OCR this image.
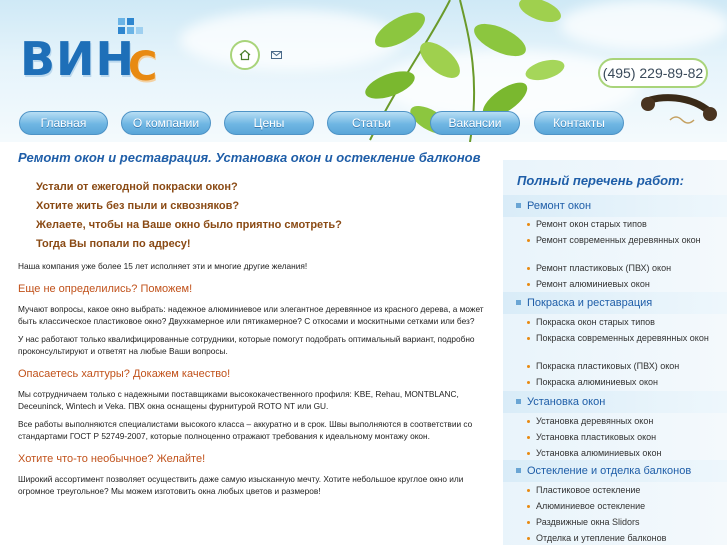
ВИН
С	(495) 229-89-82
Главная	О компании	Цены	Статьи	Вакансии	Контакты
Ремонт окон и реставрация. Установка окон и остекление балконов
Устали от ежегодной покраски окон?
Хотите жить без пыли и сквозняков?
Желаете, чтобы на Ваше окно было приятно смотреть?
Тогда Вы попали по адресу!
Наша компания уже более 15 лет исполняет эти и многие другие желания!
Еще не определились? Поможем!
Мучают вопросы, какое окно выбрать: надежное алюминиевое или элегантное деревянное из красного дерева, а может быть классическое пластиковое окно? Двухкамерное или пятикамерное? С откосами и москитными сетками или без?
У нас работают только квалифицированные сотрудники, которые помогут подобрать оптимальный вариант, подробно проконсультируют и ответят на любые Ваши вопросы.
Опасаетесь халтуры? Докажем качество!
Мы сотрудничаем только с надежными поставщиками высококачественного профиля: KBE, Rehau, MONTBLANC, Deceuninck, Wintech и Veka. ПВХ окна оснащены фурнитурой ROTO NT или GU.
Все работы выполняются специалистами высокого класса – аккуратно и в срок. Швы выполняются в соответствии со стандартами ГОСТ Р 52749-2007, которые полноценно отражают требования к идеальному монтажу окон.
Хотите что-то необычное? Желайте!
Широкий ассортимент позволяет осуществить даже самую изысканную мечту. Хотите небольшое круглое окно или огромное треугольное? Мы можем изготовить окна любых цветов и размеров!
Полный перечень работ:
Ремонт окон
Ремонт окон старых типов
Ремонт современных деревянных окон
Ремонт пластиковых (ПВХ) окон
Ремонт алюминиевых окон
Покраска и реставрация
Покраска окон старых типов
Покраска современных деревянных окон
Покраска пластиковых (ПВХ) окон
Покраска алюминиевых окон
Установка окон
Установка деревянных окон
Установка пластиковых окон
Установка алюминиевых окон
Остекление и отделка балконов
Пластиковое остекление
Алюминиевое остекление
Раздвижные окна Slidors
Отделка и утепление балконов
